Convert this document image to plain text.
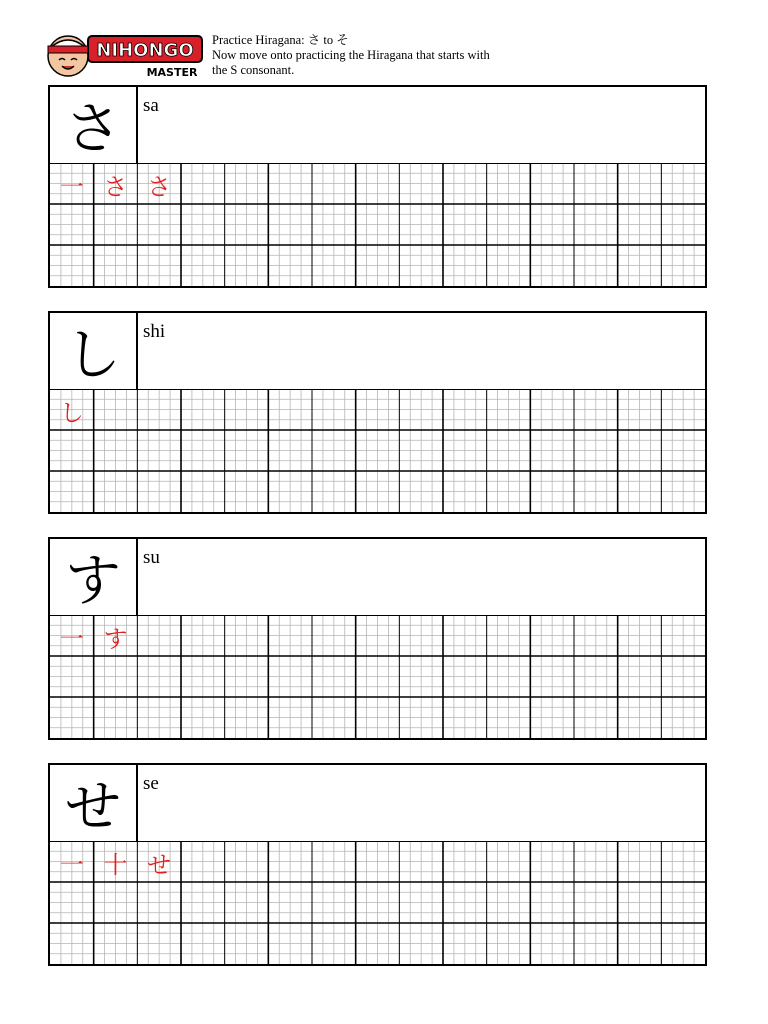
NIHONGO
MASTER
Practice Hiragana: さ to そ
Now move onto practicing the Hiragana that starts with
the S consonant.
さ	sa
一 さ さ
し	shi
し
す	su
一 す
せ	se
一 十 せ
